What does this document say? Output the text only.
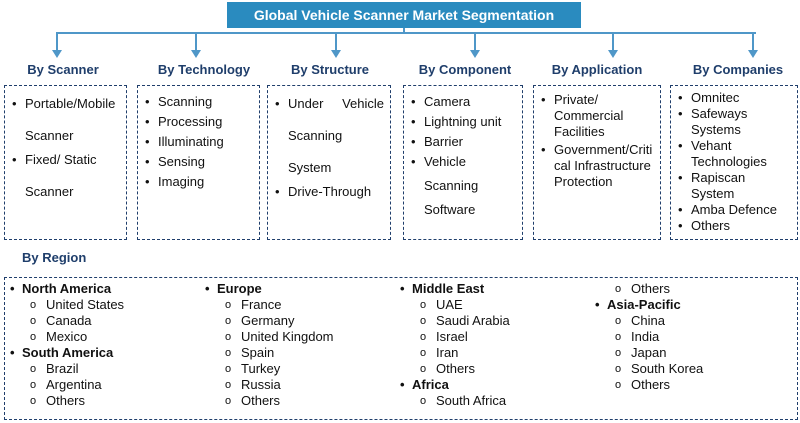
Global Vehicle Scanner Market Segmentation
By Scanner	By Technology	By Structure	By Component	By Application	By Companies
• Portable/Mobile Scanner
• Fixed/ Static Scanner
• Scanning
• Processing
• Illuminating
• Sensing
• Imaging
• Under Vehicle Scanning System
• Drive-Through
• Camera
• Lightning unit
• Barrier
• Vehicle Scanning Software
• Private/ Commercial Facilities
• Government/Critical Infrastructure Protection
• Omnitec
• Safeways Systems
• Vehant Technologies
• Rapiscan System
• Amba Defence
• Others
By Region
• North America
o United States
o Canada
o Mexico
• South America
o Brazil
o Argentina
o Others
• Europe
o France
o Germany
o United Kingdom
o Spain
o Turkey
o Russia
o Others
• Middle East
o UAE
o Saudi Arabia
o Israel
o Iran
o Others
• Africa
o South Africa
o Others
• Asia-Pacific
o China
o India
o Japan
o South Korea
o Others
